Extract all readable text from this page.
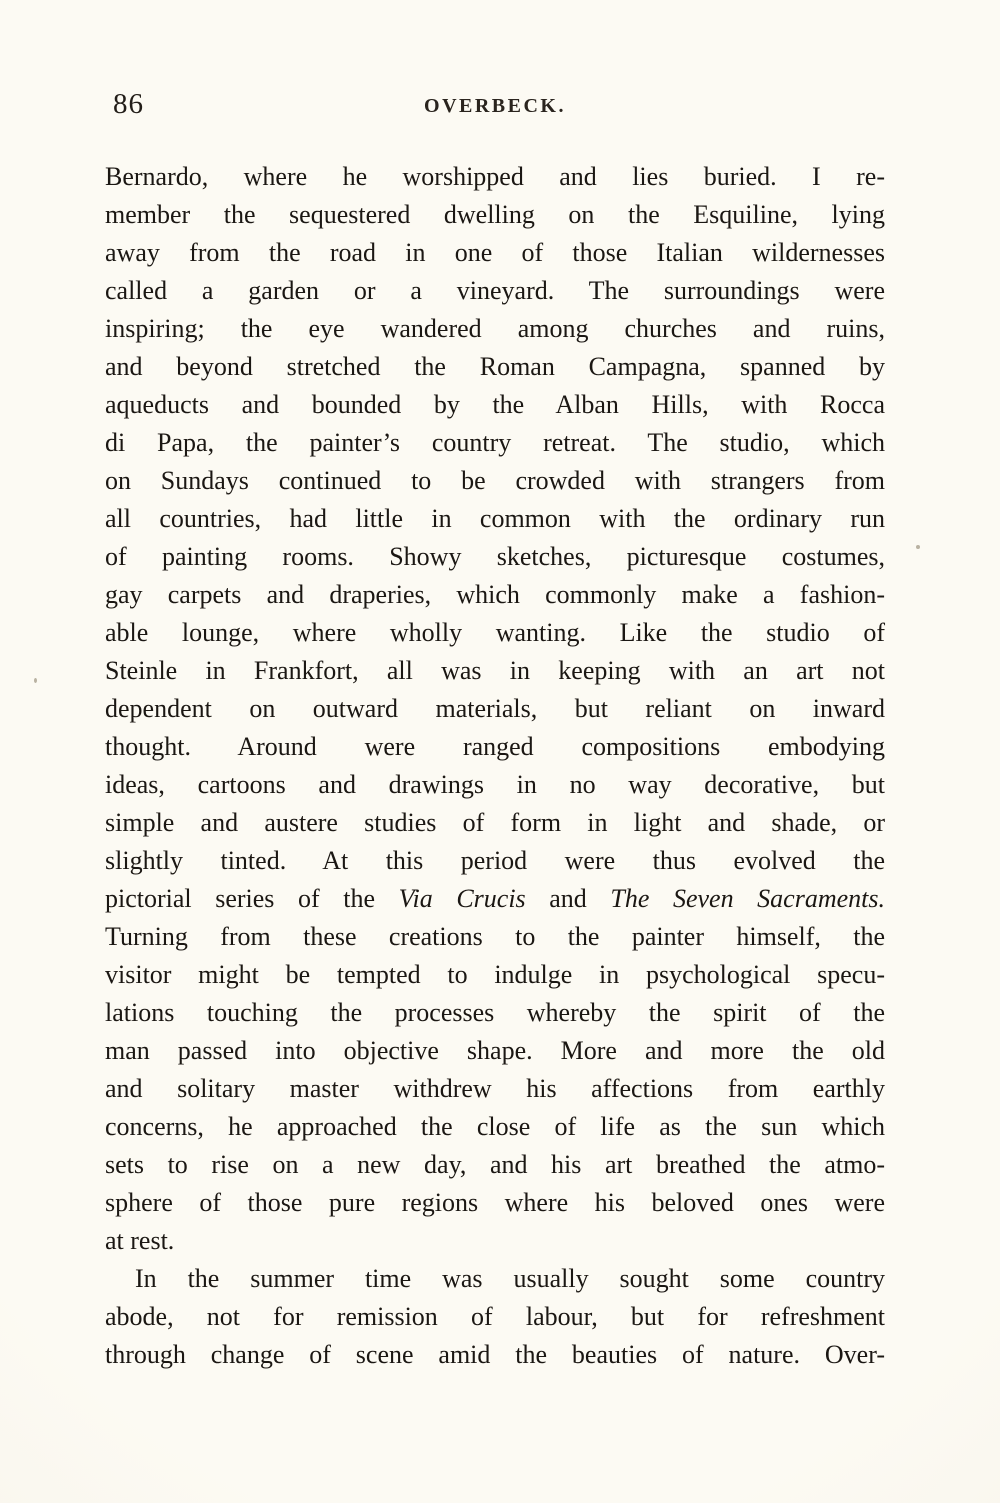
86	OVERBECK.
Bernardo, where he worshipped and lies buried. I re-
member the sequestered dwelling on the Esquiline, lying
away from the road in one of those Italian wildernesses
called a garden or a vineyard. The surroundings were
inspiring; the eye wandered among churches and ruins,
and beyond stretched the Roman Campagna, spanned by
aqueducts and bounded by the Alban Hills, with Rocca
di Papa, the painter’s country retreat. The studio, which
on Sundays continued to be crowded with strangers from
all countries, had little in common with the ordinary run
of painting rooms. Showy sketches, picturesque costumes,
gay carpets and draperies, which commonly make a fashion-
able lounge, where wholly wanting. Like the studio of
Steinle in Frankfort, all was in keeping with an art not
dependent on outward materials, but reliant on inward
thought. Around were ranged compositions embodying
ideas, cartoons and drawings in no way decorative, but
simple and austere studies of form in light and shade, or
slightly tinted. At this period were thus evolved the
pictorial series of the Via Crucis and The Seven Sacraments.
Turning from these creations to the painter himself, the
visitor might be tempted to indulge in psychological specu-
lations touching the processes whereby the spirit of the
man passed into objective shape. More and more the old
and solitary master withdrew his affections from earthly
concerns, he approached the close of life as the sun which
sets to rise on a new day, and his art breathed the atmo-
sphere of those pure regions where his beloved ones were
at rest.
In the summer time was usually sought some country
abode, not for remission of labour, but for refreshment
through change of scene amid the beauties of nature. Over-
